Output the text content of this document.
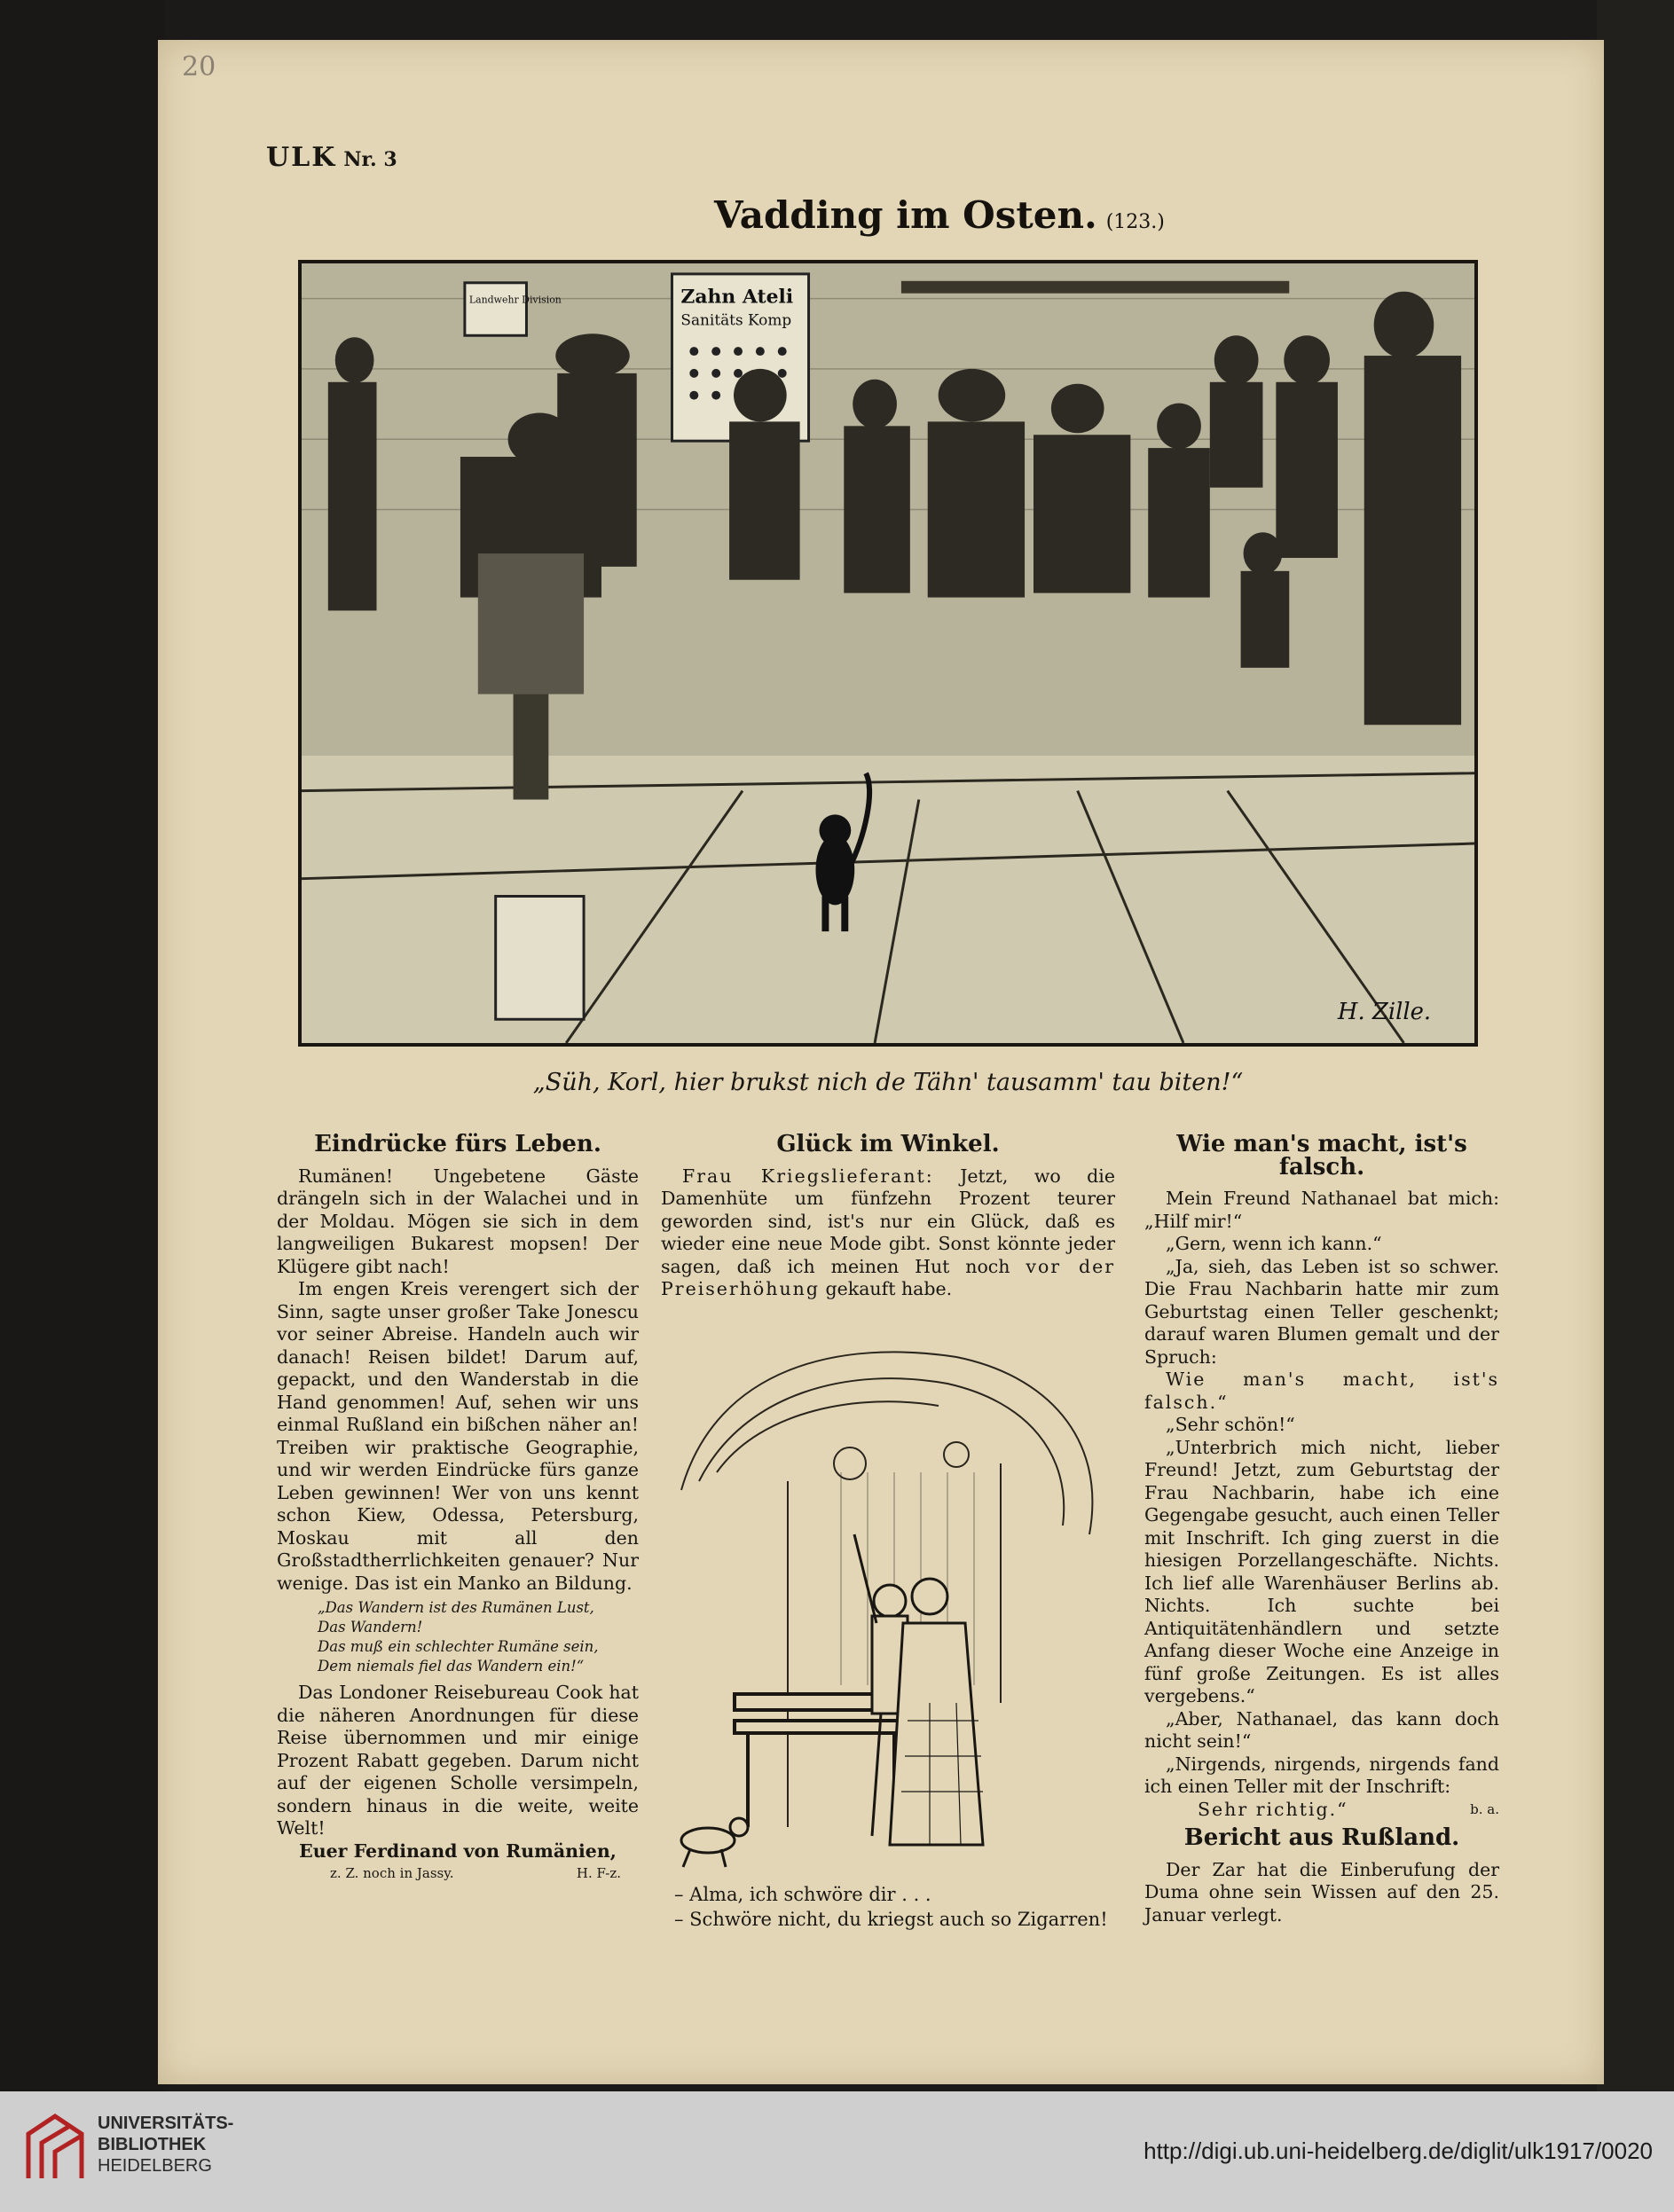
20
ULK Nr. 3
Vadding im Osten. (123.)
Landwehr Division	Zahn Ateli
Sanitäts Komp
H. Zille.
„Süh, Korl, hier brukst nich de Tähn' tausamm' tau biten!“
Eindrücke fürs Leben.

Rumänen! Ungebetene Gäste drängeln sich in der Walachei und in der Moldau. Mögen sie sich in dem langweiligen Bukarest mopsen! Der Klügere gibt nach!

Im engen Kreis verengert sich der Sinn, sagte unser großer Take Jonescu vor seiner Abreise. Handeln auch wir danach! Reisen bildet! Darum auf, gepackt, und den Wanderstab in die Hand genommen! Auf, sehen wir uns einmal Rußland ein bißchen näher an! Treiben wir praktische Geographie, und wir werden Eindrücke fürs ganze Leben gewinnen! Wer von uns kennt schon Kiew, Odessa, Petersburg, Moskau mit all den Großstadtherrlichkeiten genauer? Nur wenige. Das ist ein Manko an Bildung.

„Das Wandern ist des Rumänen Lust,
Das Wandern!
Das muß ein schlechter Rumäne sein,
Dem niemals fiel das Wandern ein!“

Das Londoner Reisebureau Cook hat die näheren Anordnungen für diese Reise übernommen und mir einige Prozent Rabatt gegeben. Darum nicht auf der eigenen Scholle versimpeln, sondern hinaus in die weite, weite Welt!

Euer Ferdinand von Rumänien,
z. Z. noch in Jassy.	H. F-z.
Glück im Winkel.

Frau Kriegslieferant: Jetzt, wo die Damenhüte um fünfzehn Prozent teurer geworden sind, ist's nur ein Glück, daß es wieder eine neue Mode gibt. Sonst könnte jeder sagen, daß ich meinen Hut noch vor der Preiserhöhung gekauft habe.

– Alma, ich schwöre dir . . .
– Schwöre nicht, du kriegst auch so Zigarren!
Wie man's macht, ist's falsch.

Mein Freund Nathanael bat mich: „Hilf mir!“

„Gern, wenn ich kann.“

„Ja, sieh, das Leben ist so schwer. Die Frau Nachbarin hatte mir zum Geburtstag einen Teller geschenkt; darauf waren Blumen gemalt und der Spruch:

Wie man's macht, ist's falsch.“

„Sehr schön!“

„Unterbrich mich nicht, lieber Freund! Jetzt, zum Geburtstag der Frau Nachbarin, habe ich eine Gegengabe gesucht, auch einen Teller mit Inschrift. Ich ging zuerst in die hiesigen Porzellangeschäfte. Nichts. Ich lief alle Warenhäuser Berlins ab. Nichts. Ich suchte bei Antiquitätenhändlern und setzte Anfang dieser Woche eine Anzeige in fünf große Zeitungen. Es ist alles vergebens.“

„Aber, Nathanael, das kann doch nicht sein!“

„Nirgends, nirgends, nirgends fand ich einen Teller mit der Inschrift:

Sehr richtig.“	b. a.
Bericht aus Rußland.

Der Zar hat die Einberufung der Duma ohne sein Wissen auf den 25. Januar verlegt.

UNIVERSITÄTS-
BIBLIOTHEK
HEIDELBERG
http://digi.ub.uni-heidelberg.de/diglit/ulk1917/0020
